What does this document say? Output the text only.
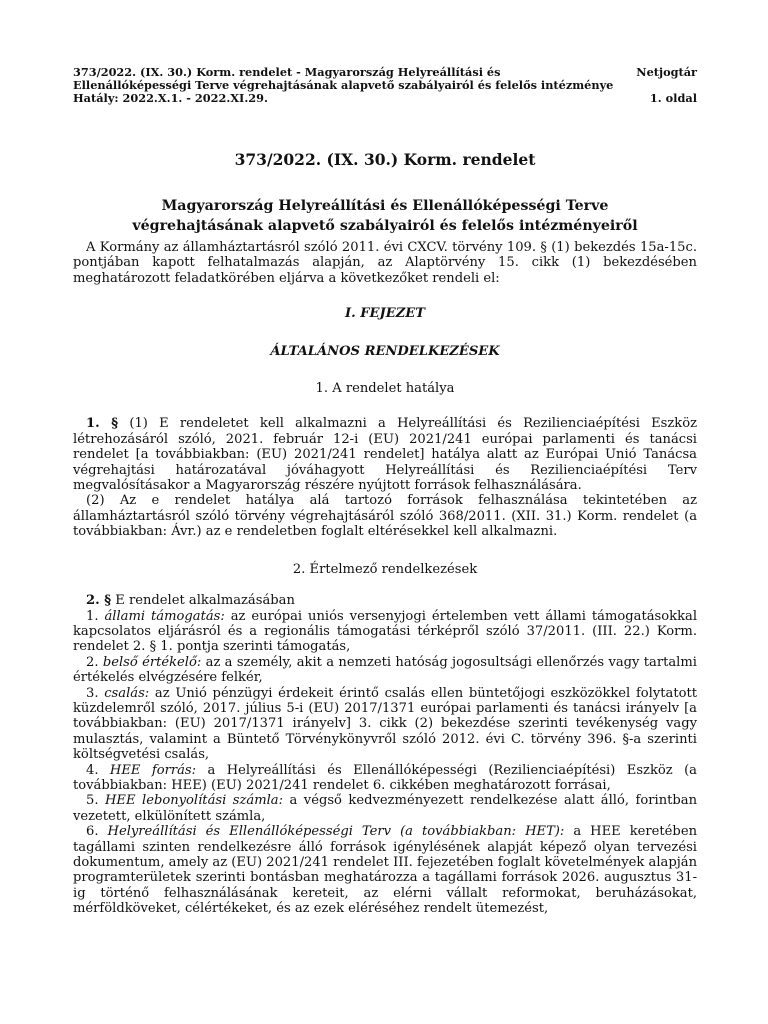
373/2022. (IX. 30.) Korm. rendelet - Magyarország Helyreállítási és	Netjogtár
Ellenállóképességi Terve végrehajtásának alapvető szabályairól és felelős intézménye
Hatály: 2022.X.1. - 2022.XI.29.	1. oldal
373/2022. (IX. 30.) Korm. rendelet
Magyarország Helyreállítási és Ellenállóképességi Terve
végrehajtásának alapvető szabályairól és felelős intézményeiről

A Kormány az államháztartásról szóló 2011. évi CXCV. törvény 109. § (1) bekezdés 15a-15c. pontjában kapott felhatalmazás alapján, az Alaptörvény 15. cikk (1) bekezdésében meghatározott feladatkörében eljárva a következőket rendeli el:

I. FEJEZET

ÁLTALÁNOS RENDELKEZÉSEK

1. A rendelet hatálya

1. § (1) E rendeletet kell alkalmazni a Helyreállítási és Rezilienciaépítési Eszköz létrehozásáról szóló, 2021. február 12-i (EU) 2021/241 európai parlamenti és tanácsi rendelet [a továbbiakban: (EU) 2021/241 rendelet] hatálya alatt az Európai Unió Tanácsa végrehajtási határozatával jóváhagyott Helyreállítási és Rezilienciaépítési Terv megvalósításakor a Magyarország részére nyújtott források felhasználására.

(2) Az e rendelet hatálya alá tartozó források felhasználása tekintetében az államháztartásról szóló törvény végrehajtásáról szóló 368/2011. (XII. 31.) Korm. rendelet (a továbbiakban: Ávr.) az e rendeletben foglalt eltérésekkel kell alkalmazni.

2. Értelmező rendelkezések

2. § E rendelet alkalmazásában

1. állami támogatás: az európai uniós versenyjogi értelemben vett állami támogatásokkal kapcsolatos eljárásról és a regionális támogatási térképről szóló 37/2011. (III. 22.) Korm. rendelet 2. § 1. pontja szerinti támogatás,

2. belső értékelő: az a személy, akit a nemzeti hatóság jogosultsági ellenőrzés vagy tartalmi értékelés elvégzésére felkér,

3. csalás: az Unió pénzügyi érdekeit érintő csalás ellen büntetőjogi eszközökkel folytatott küzdelemről szóló, 2017. július 5-i (EU) 2017/1371 európai parlamenti és tanácsi irányelv [a továbbiakban: (EU) 2017/1371 irányelv] 3. cikk (2) bekezdése szerinti tevékenység vagy mulasztás, valamint a Büntető Törvénykönyvről szóló 2012. évi C. törvény 396. §-a szerinti költségvetési csalás,

4. HEE forrás: a Helyreállítási és Ellenállóképességi (Rezilienciaépítési) Eszköz (a továbbiakban: HEE) (EU) 2021/241 rendelet 6. cikkében meghatározott forrásai,

5. HEE lebonyolítási számla: a végső kedvezményezett rendelkezése alatt álló, forintban vezetett, elkülönített számla,

6. Helyreállítási és Ellenállóképességi Terv (a továbbiakban: HET): a HEE keretében tagállami szinten rendelkezésre álló források igénylésének alapját képező olyan tervezési dokumentum, amely az (EU) 2021/241 rendelet III. fejezetében foglalt követelmények alapján programterületek szerinti bontásban meghatározza a tagállami források 2026. augusztus 31-ig történő felhasználásának kereteit, az elérni vállalt reformokat, beruházásokat, mérföldköveket, célértékeket, és az ezek eléréséhez rendelt ütemezést,
